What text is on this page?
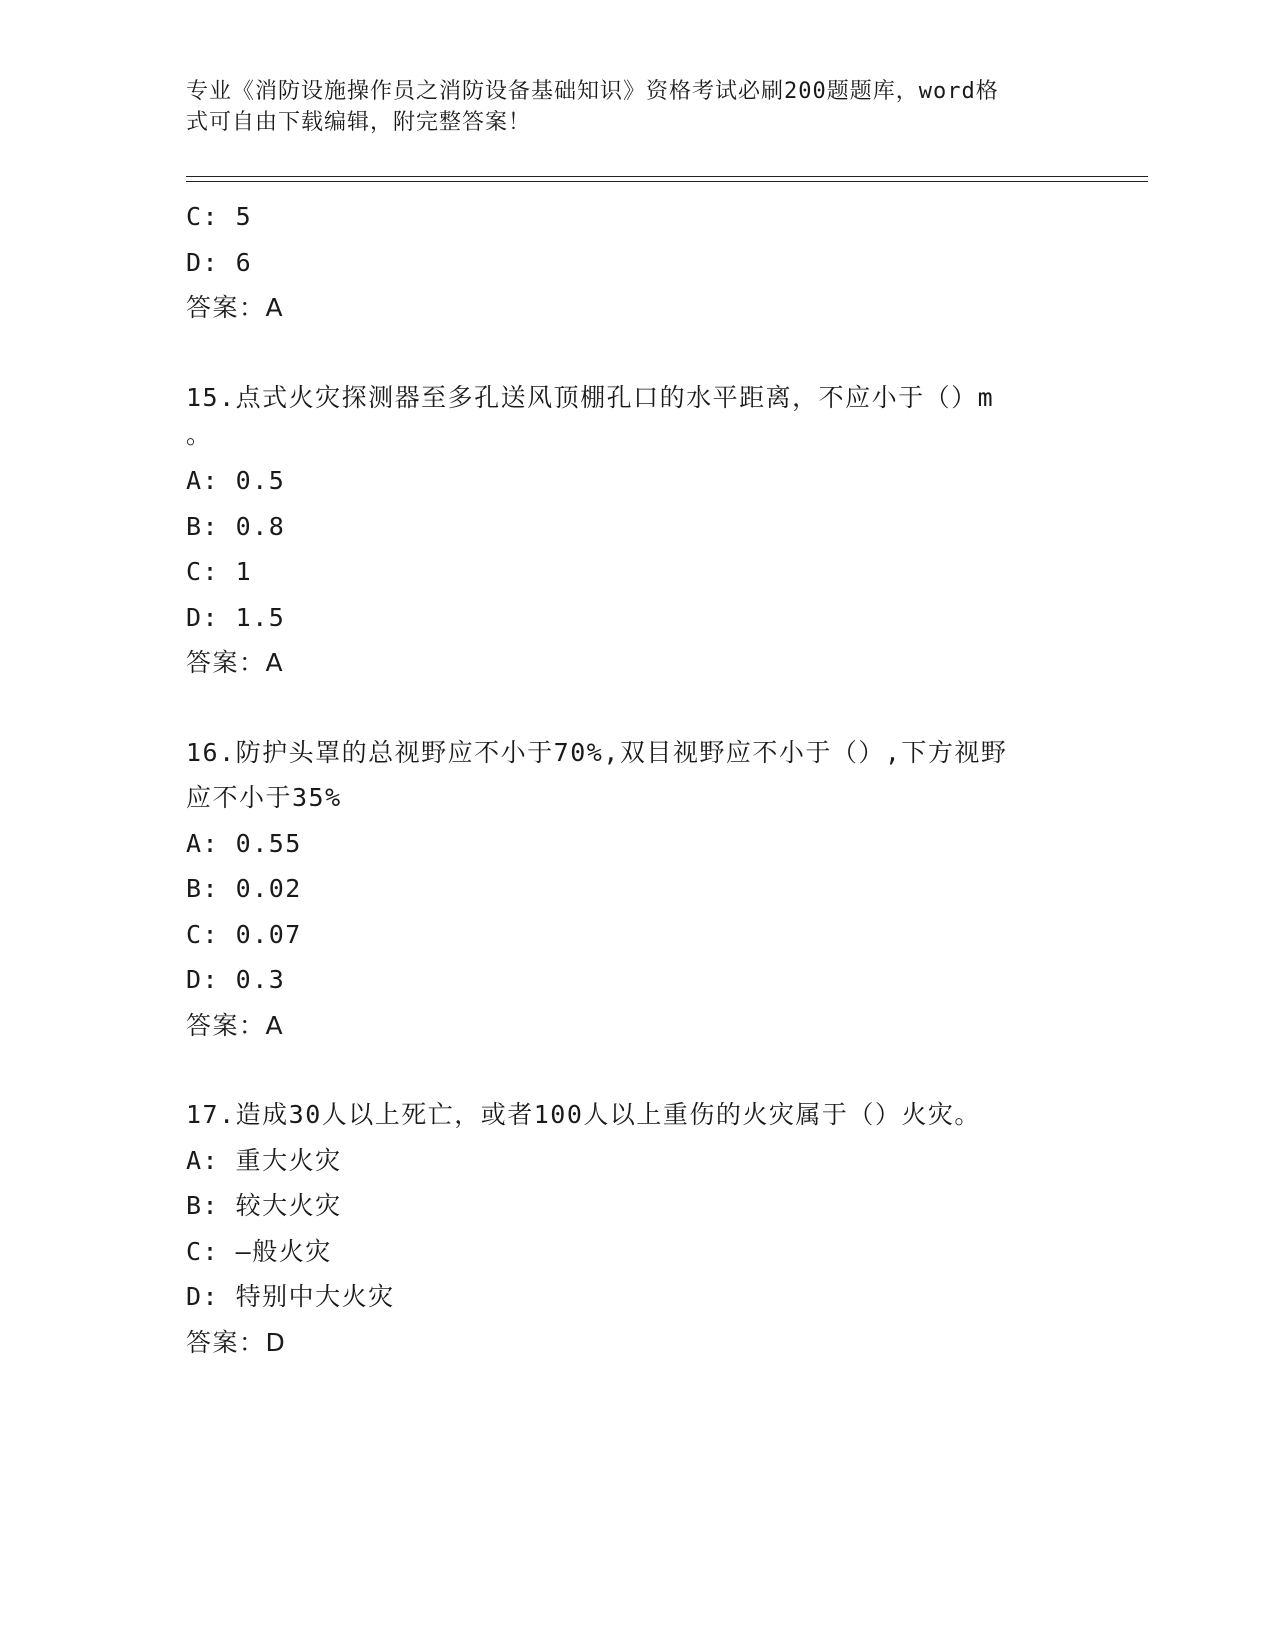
专业《消防设施操作员之消防设备基础知识》资格考试必刷200题题库，word格
式可自由下载编辑，附完整答案！
C: 5
D: 6
答案：A
15.点式火灾探测器至多孔送风顶棚孔口的水平距离，不应小于（）m
。
A: 0.5
B: 0.8
C: 1
D: 1.5
答案：A
16.防护头罩的总视野应不小于70%,双目视野应不小于（）,下方视野
应不小于35%
A: 0.55
B: 0.02
C: 0.07
D: 0.3
答案：A
17.造成30人以上死亡，或者100人以上重伤的火灾属于（）火灾。
A: 重大火灾
B: 较大火灾
C: —般火灾
D: 特别中大火灾
答案：D
